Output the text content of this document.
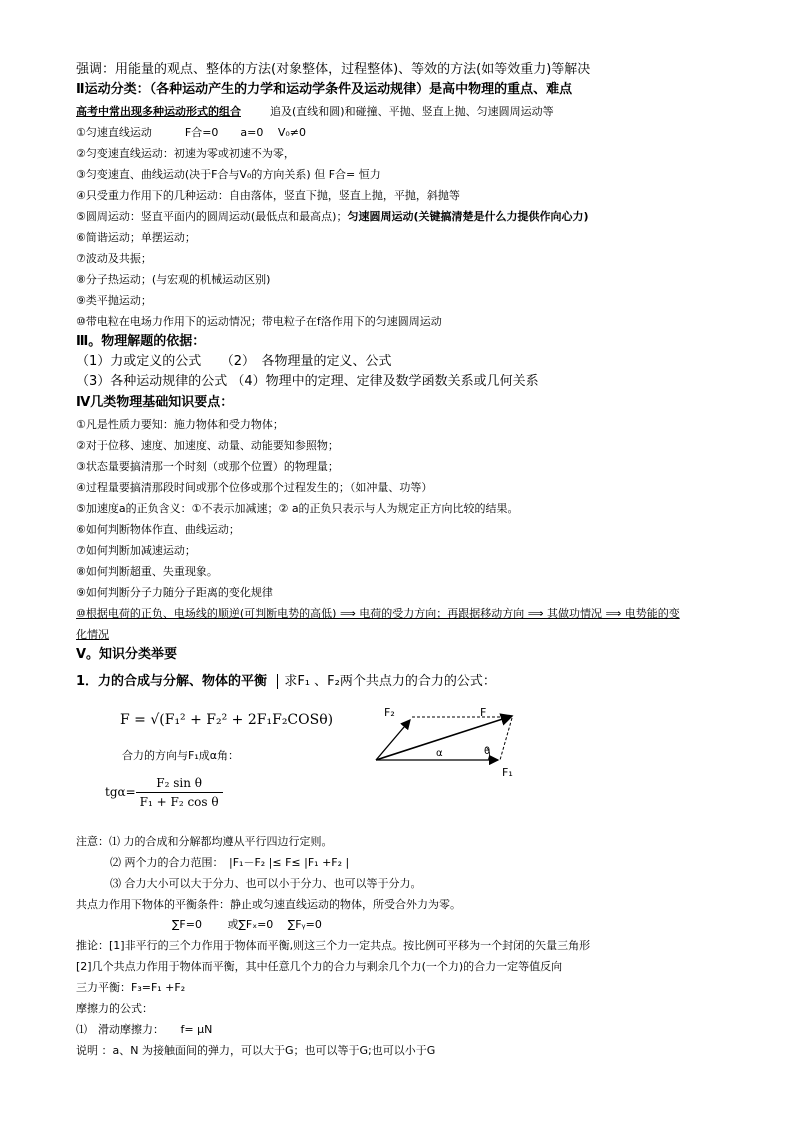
强调：用能量的观点、整体的方法(对象整体，过程整体)、等效的方法(如等效重力)等解决
Ⅱ运动分类：（各种运动产生的力学和运动学条件及运动规律）是高中物理的重点、难点
高考中常出现多种运动形式的组合	追及(直线和圆)和碰撞、平抛、竖直上抛、匀速圆周运动等
①匀速直线运动　　　F合=0　　a=0　 V₀≠0
②匀变速直线运动：初速为零或初速不为零，
③匀变速直、曲线运动(决于F合与V₀的方向关系) 但 F合= 恒力
④只受重力作用下的几种运动：自由落体，竖直下抛，竖直上抛，平抛，斜抛等
⑤圆周运动：竖直平面内的圆周运动(最低点和最高点)；匀速圆周运动(关键搞清楚是什么力提供作向心力)
⑥简谐运动；单摆运动；
⑦波动及共振；
⑧分子热运动；(与宏观的机械运动区别)
⑨类平抛运动；
⑩带电粒在电场力作用下的运动情况；带电粒子在f洛作用下的匀速圆周运动
Ⅲ。物理解题的依据：
（1）力或定义的公式　　（2）　各物理量的定义、公式
（3）各种运动规律的公式 （4）物理中的定理、定律及数学函数关系或几何关系
Ⅳ几类物理基础知识要点：
①凡是性质力要知：施力物体和受力物体；
②对于位移、速度、加速度、动量、动能要知参照物；
③状态量要搞清那一个时刻（或那个位置）的物理量；
④过程量要搞清那段时间或那个位侈或那个过程发生的；（如冲量、功等）
⑤加速度a的正负含义：①不表示加减速；② a的正负只表示与人为规定正方向比较的结果。
⑥如何判断物体作直、曲线运动；
⑦如何判断加减速运动；
⑧如何判断超重、失重现象。
⑨如何判断分子力随分子距离的变化规律
⑩根据电荷的正负、电场线的顺逆(可判断电势的高低) ⟹ 电荷的受力方向；再跟据移动方向 ⟹ 其做功情况 ⟹ 电势能的变
化情况
Ⅴ。知识分类举要
1．力的合成与分解、物体的平衡 求F₁ 、F₂两个共点力的合力的公式：
F = √(F₁² + F₂² + 2F₁F₂COSθ)
合力的方向与F₁成α角：
$tg\alpha= \frac{\text{F₂ sin θ}}{\text{F₁ + F₂ cos θ}}$
F₂	F
F₁
α	θ
注意：⑴ 力的合成和分解都均遵从平行四边行定则。
⑵ 两个力的合力范围：　|F₁－F₂ |≤ F≤ |F₁ +F₂ |
⑶ 合力大小可以大于分力、也可以小于分力、也可以等于分力。
共点力作用下物体的平衡条件：静止或匀速直线运动的物体，所受合外力为零。
∑F=0　　 或∑Fₓ=0 　∑Fᵧ=0
推论：[1]非平行的三个力作用于物体而平衡,则这三个力一定共点。按比例可平移为一个封闭的矢量三角形
[2]几个共点力作用于物体而平衡，其中任意几个力的合力与剩余几个力(一个力)的合力一定等值反向
三力平衡：F₃=F₁ +F₂
摩擦力的公式：
⑴　滑动摩擦力：　　f= μN
说明 ：a、N 为接触面间的弹力，可以大于G；也可以等于G;也可以小于G
